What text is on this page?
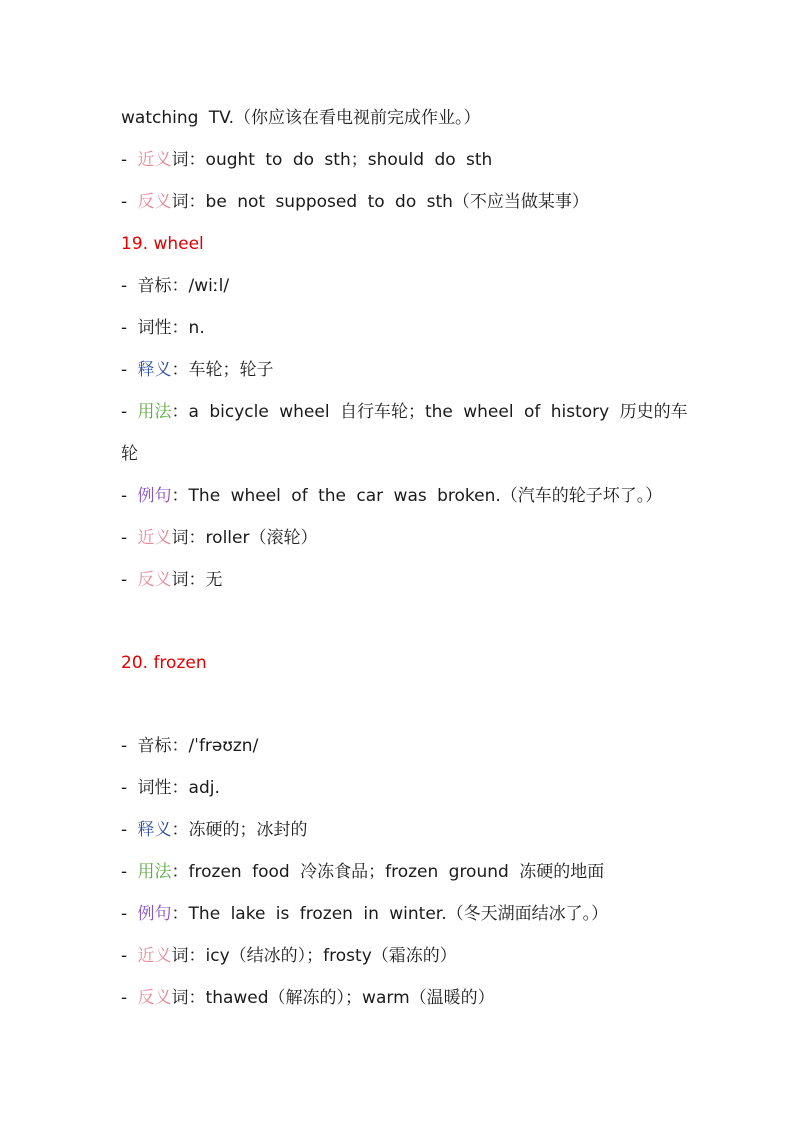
watching TV.（你应该在看电视前完成作业。）
- 近义词：ought to do sth；should do sth
- 反义词：be not supposed to do sth（不应当做某事）
19. wheel
- 音标：/wiːl/
- 词性：n.
- 释义：车轮；轮子
- 用法：a bicycle wheel 自行车轮；the wheel of history 历史的车
轮
- 例句：The wheel of the car was broken.（汽车的轮子坏了。）
- 近义词：roller（滚轮）
- 反义词：无
20. frozen
- 音标：/ˈfrəʊzn/
- 词性：adj.
- 释义：冻硬的；冰封的
- 用法：frozen food 冷冻食品；frozen ground 冻硬的地面
- 例句：The lake is frozen in winter.（冬天湖面结冰了。）
- 近义词：icy（结冰的）；frosty（霜冻的）
- 反义词：thawed（解冻的）；warm（温暖的）
